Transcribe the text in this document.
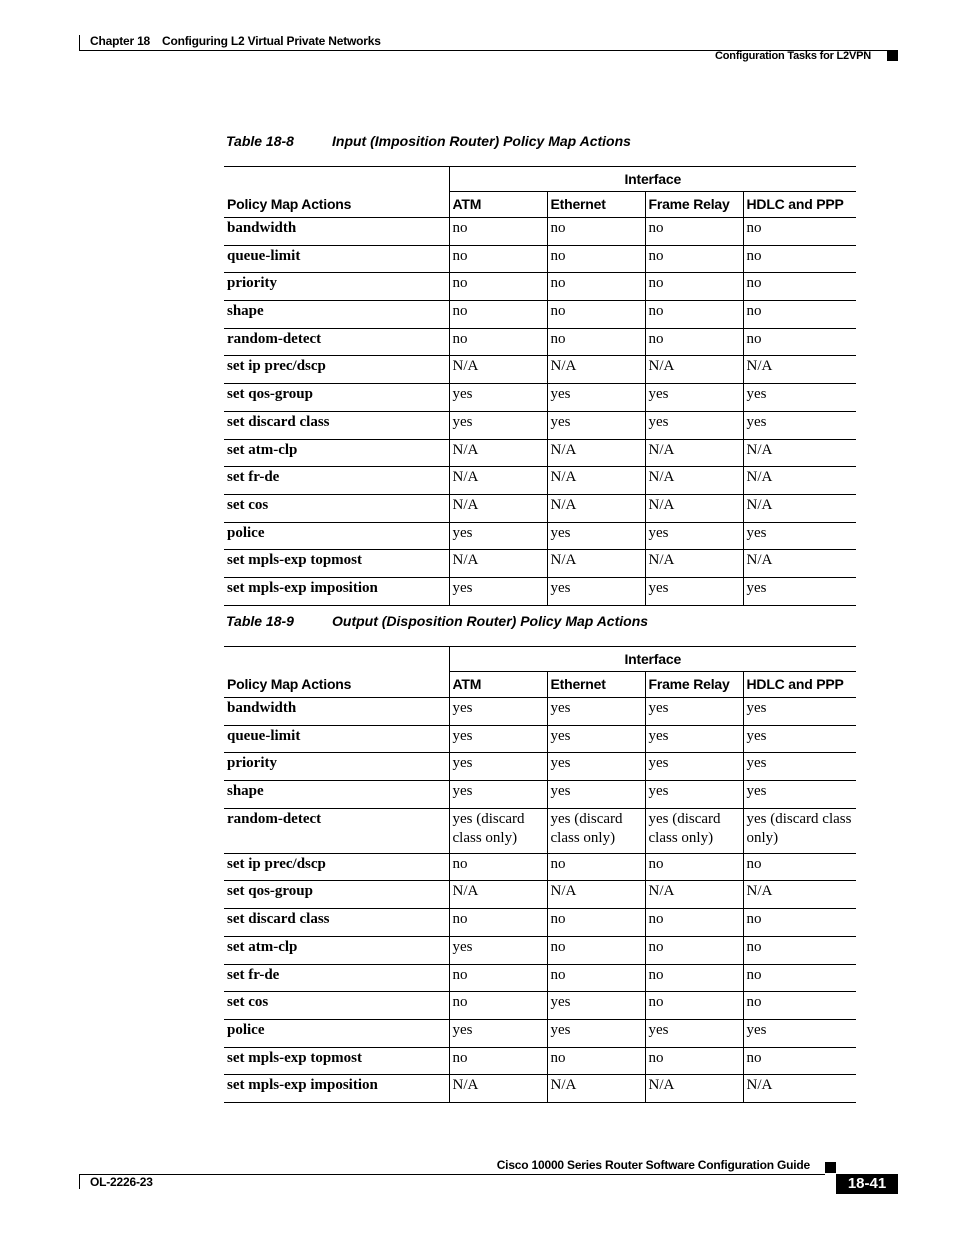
Chapter 18 Configuring L2 Virtual Private Networks
Configuration Tasks for L2VPN
Table 18-8	Input (Imposition Router) Policy Map Actions
	Interface			
Policy Map Actions	ATM	Ethernet	Frame Relay	HDLC and PPP
bandwidth	no	no	no	no
queue-limit	no	no	no	no
priority	no	no	no	no
shape	no	no	no	no
random-detect	no	no	no	no
set ip prec/dscp	N/A	N/A	N/A	N/A
set qos-group	yes	yes	yes	yes
set discard class	yes	yes	yes	yes
set atm-clp	N/A	N/A	N/A	N/A
set fr-de	N/A	N/A	N/A	N/A
set cos	N/A	N/A	N/A	N/A
police	yes	yes	yes	yes
set mpls-exp topmost	N/A	N/A	N/A	N/A
set mpls-exp imposition	yes	yes	yes	yes
Table 18-9	Output (Disposition Router) Policy Map Actions
	Interface			
Policy Map Actions	ATM	Ethernet	Frame Relay	HDLC and PPP
bandwidth	yes	yes	yes	yes
queue-limit	yes	yes	yes	yes
priority	yes	yes	yes	yes
shape	yes	yes	yes	yes
random-detect	yes (discard class only)	yes (discard class only)	yes (discard class only)	yes (discard class only)
set ip prec/dscp	no	no	no	no
set qos-group	N/A	N/A	N/A	N/A
set discard class	no	no	no	no
set atm-clp	yes	no	no	no
set fr-de	no	no	no	no
set cos	no	yes	no	no
police	yes	yes	yes	yes
set mpls-exp topmost	no	no	no	no
set mpls-exp imposition	N/A	N/A	N/A	N/A
Cisco 10000 Series Router Software Configuration Guide
OL-2226-23	18-41
